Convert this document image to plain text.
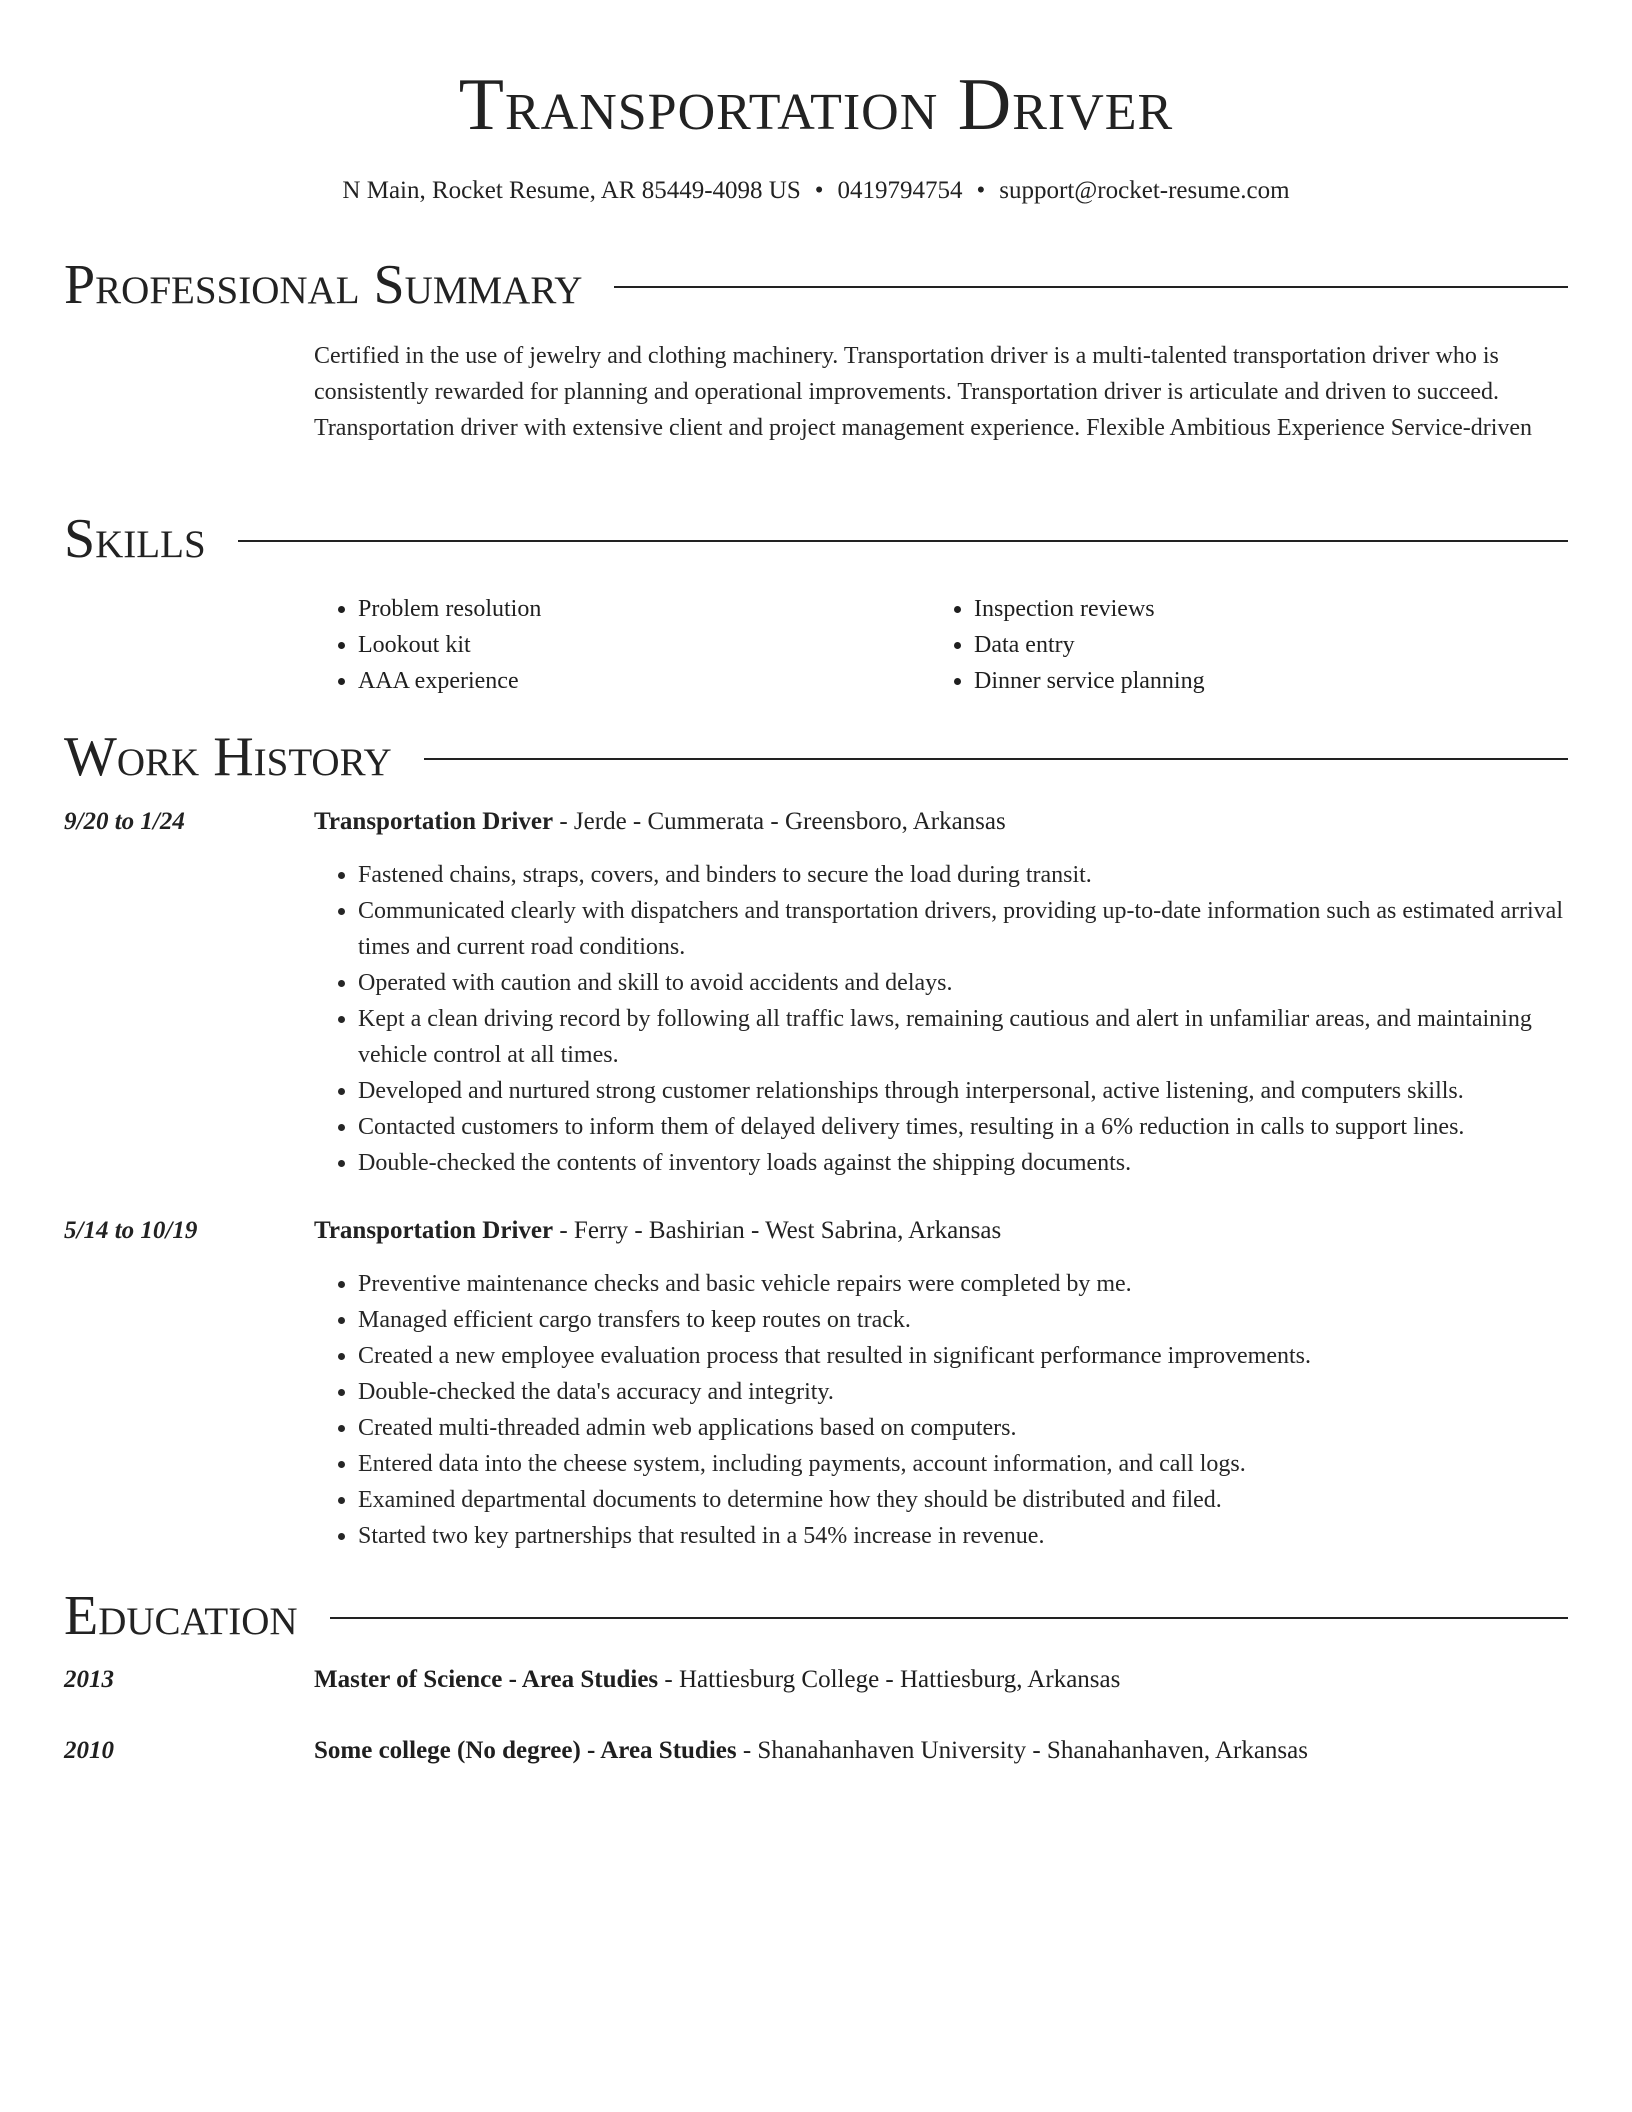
Transportation Driver
N Main, Rocket Resume, AR 85449-4098 US • 0419794754 • support@rocket-resume.com
Professional Summary
Certified in the use of jewelry and clothing machinery. Transportation driver is a multi-talented transportation driver who is consistently rewarded for planning and operational improvements. Transportation driver is articulate and driven to succeed. Transportation driver with extensive client and project management experience. Flexible Ambitious Experience Service-driven
Skills
• Problem resolution
• Lookout kit
• AAA experience
• Inspection reviews
• Data entry
• Dinner service planning
Work History
9/20 to 1/24	Transportation Driver - Jerde - Cummerata - Greensboro, Arkansas
• Fastened chains, straps, covers, and binders to secure the load during transit.
• Communicated clearly with dispatchers and transportation drivers, providing up-to-date information such as estimated arrival times and current road conditions.
• Operated with caution and skill to avoid accidents and delays.
• Kept a clean driving record by following all traffic laws, remaining cautious and alert in unfamiliar areas, and maintaining vehicle control at all times.
• Developed and nurtured strong customer relationships through interpersonal, active listening, and computers skills.
• Contacted customers to inform them of delayed delivery times, resulting in a 6% reduction in calls to support lines.
• Double-checked the contents of inventory loads against the shipping documents.
5/14 to 10/19	Transportation Driver - Ferry - Bashirian - West Sabrina, Arkansas
• Preventive maintenance checks and basic vehicle repairs were completed by me.
• Managed efficient cargo transfers to keep routes on track.
• Created a new employee evaluation process that resulted in significant performance improvements.
• Double-checked the data's accuracy and integrity.
• Created multi-threaded admin web applications based on computers.
• Entered data into the cheese system, including payments, account information, and call logs.
• Examined departmental documents to determine how they should be distributed and filed.
• Started two key partnerships that resulted in a 54% increase in revenue.
Education
2013	Master of Science - Area Studies - Hattiesburg College - Hattiesburg, Arkansas
2010	Some college (No degree) - Area Studies - Shanahanhaven University - Shanahanhaven, Arkansas
